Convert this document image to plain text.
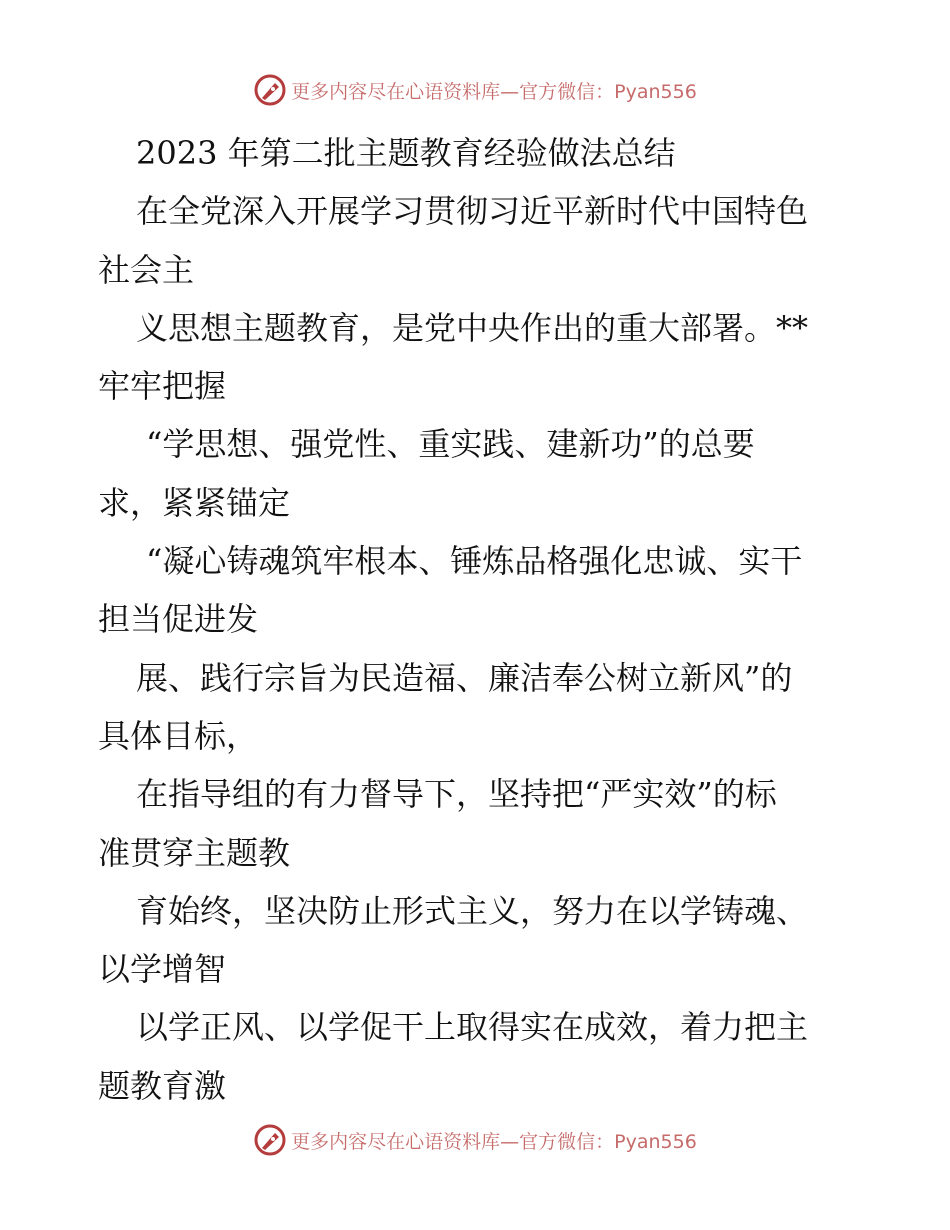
更多内容尽在心语资料库—官方微信：Pyan556
2023 年第二批主题教育经验做法总结
在全党深入开展学习贯彻习近平新时代中国特色
社会主
义思想主题教育，是党中央作出的重大部署。**
牢牢把握
“学思想、强党性、重实践、建新功”的总要
求，紧紧锚定
“凝心铸魂筑牢根本、锤炼品格强化忠诚、实干
担当促进发
展、践行宗旨为民造福、廉洁奉公树立新风”的
具体目标，
在指导组的有力督导下，坚持把“严实效”的标
准贯穿主题教
育始终，坚决防止形式主义，努力在以学铸魂、
以学增智
以学正风、以学促干上取得实在成效，着力把主
题教育激
更多内容尽在心语资料库—官方微信：Pyan556
